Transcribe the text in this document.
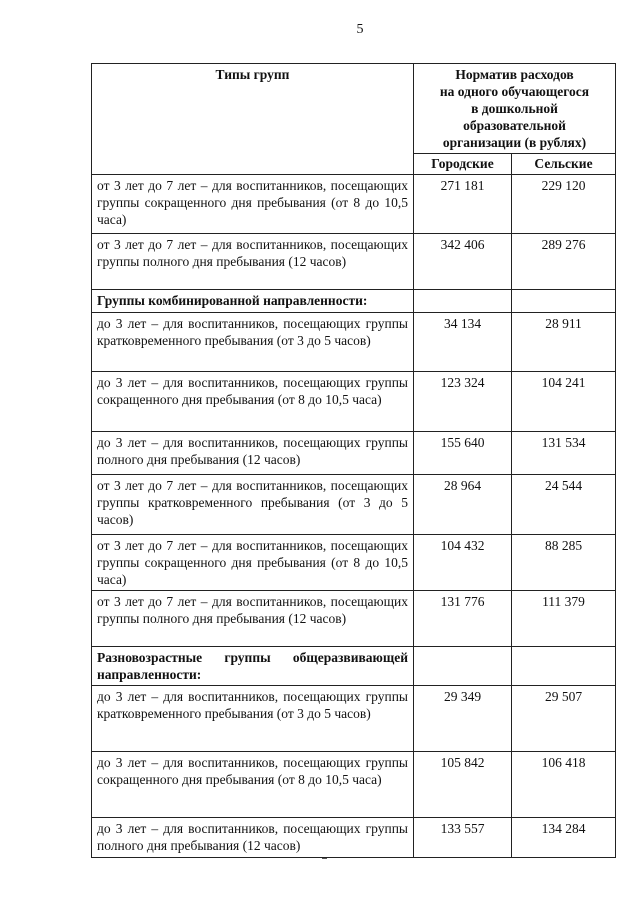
5
Типы групп	Норматив расходов
на одного обучающегося
в дошкольной
образовательной
организации (в рублях)	

	Городские	Сельские
от 3 лет до 7 лет – для воспитанников, посещающих группы сокращенного дня пребывания (от 8 до 10,5 часа)	271 181	229 120
от 3 лет до 7 лет – для воспитанников, посещающих группы полного дня пребывания (12 часов)	342 406	289 276
Группы комбинированной направленности:		
до 3 лет – для воспитанников, посещающих группы кратковременного пребывания (от 3 до 5 часов)	34 134	28 911
до 3 лет – для воспитанников, посещающих группы сокращенного дня пребывания (от 8 до 10,5 часа)	123 324	104 241
до 3 лет – для воспитанников, посещающих группы полного дня пребывания (12 часов)	155 640	131 534
от 3 лет до 7 лет – для воспитанников, посещающих группы кратковременного пребывания (от 3 до 5 часов)	28 964	24 544
от 3 лет до 7 лет – для воспитанников, посещающих группы сокращенного дня пребывания (от 8 до 10,5 часа)	104 432	88 285
от 3 лет до 7 лет – для воспитанников, посещающих группы полного дня пребывания (12 часов)	131 776	111 379
Разновозрастные группы общеразвивающей направленности:		
до 3 лет – для воспитанников, посещающих группы кратковременного пребывания (от 3 до 5 часов)	29 349	29 507
до 3 лет – для воспитанников, посещающих группы сокращенного дня пребывания (от 8 до 10,5 часа)	105 842	106 418
до 3 лет – для воспитанников, посещающих группы полного дня пребывания (12 часов)	133 557	134 284
